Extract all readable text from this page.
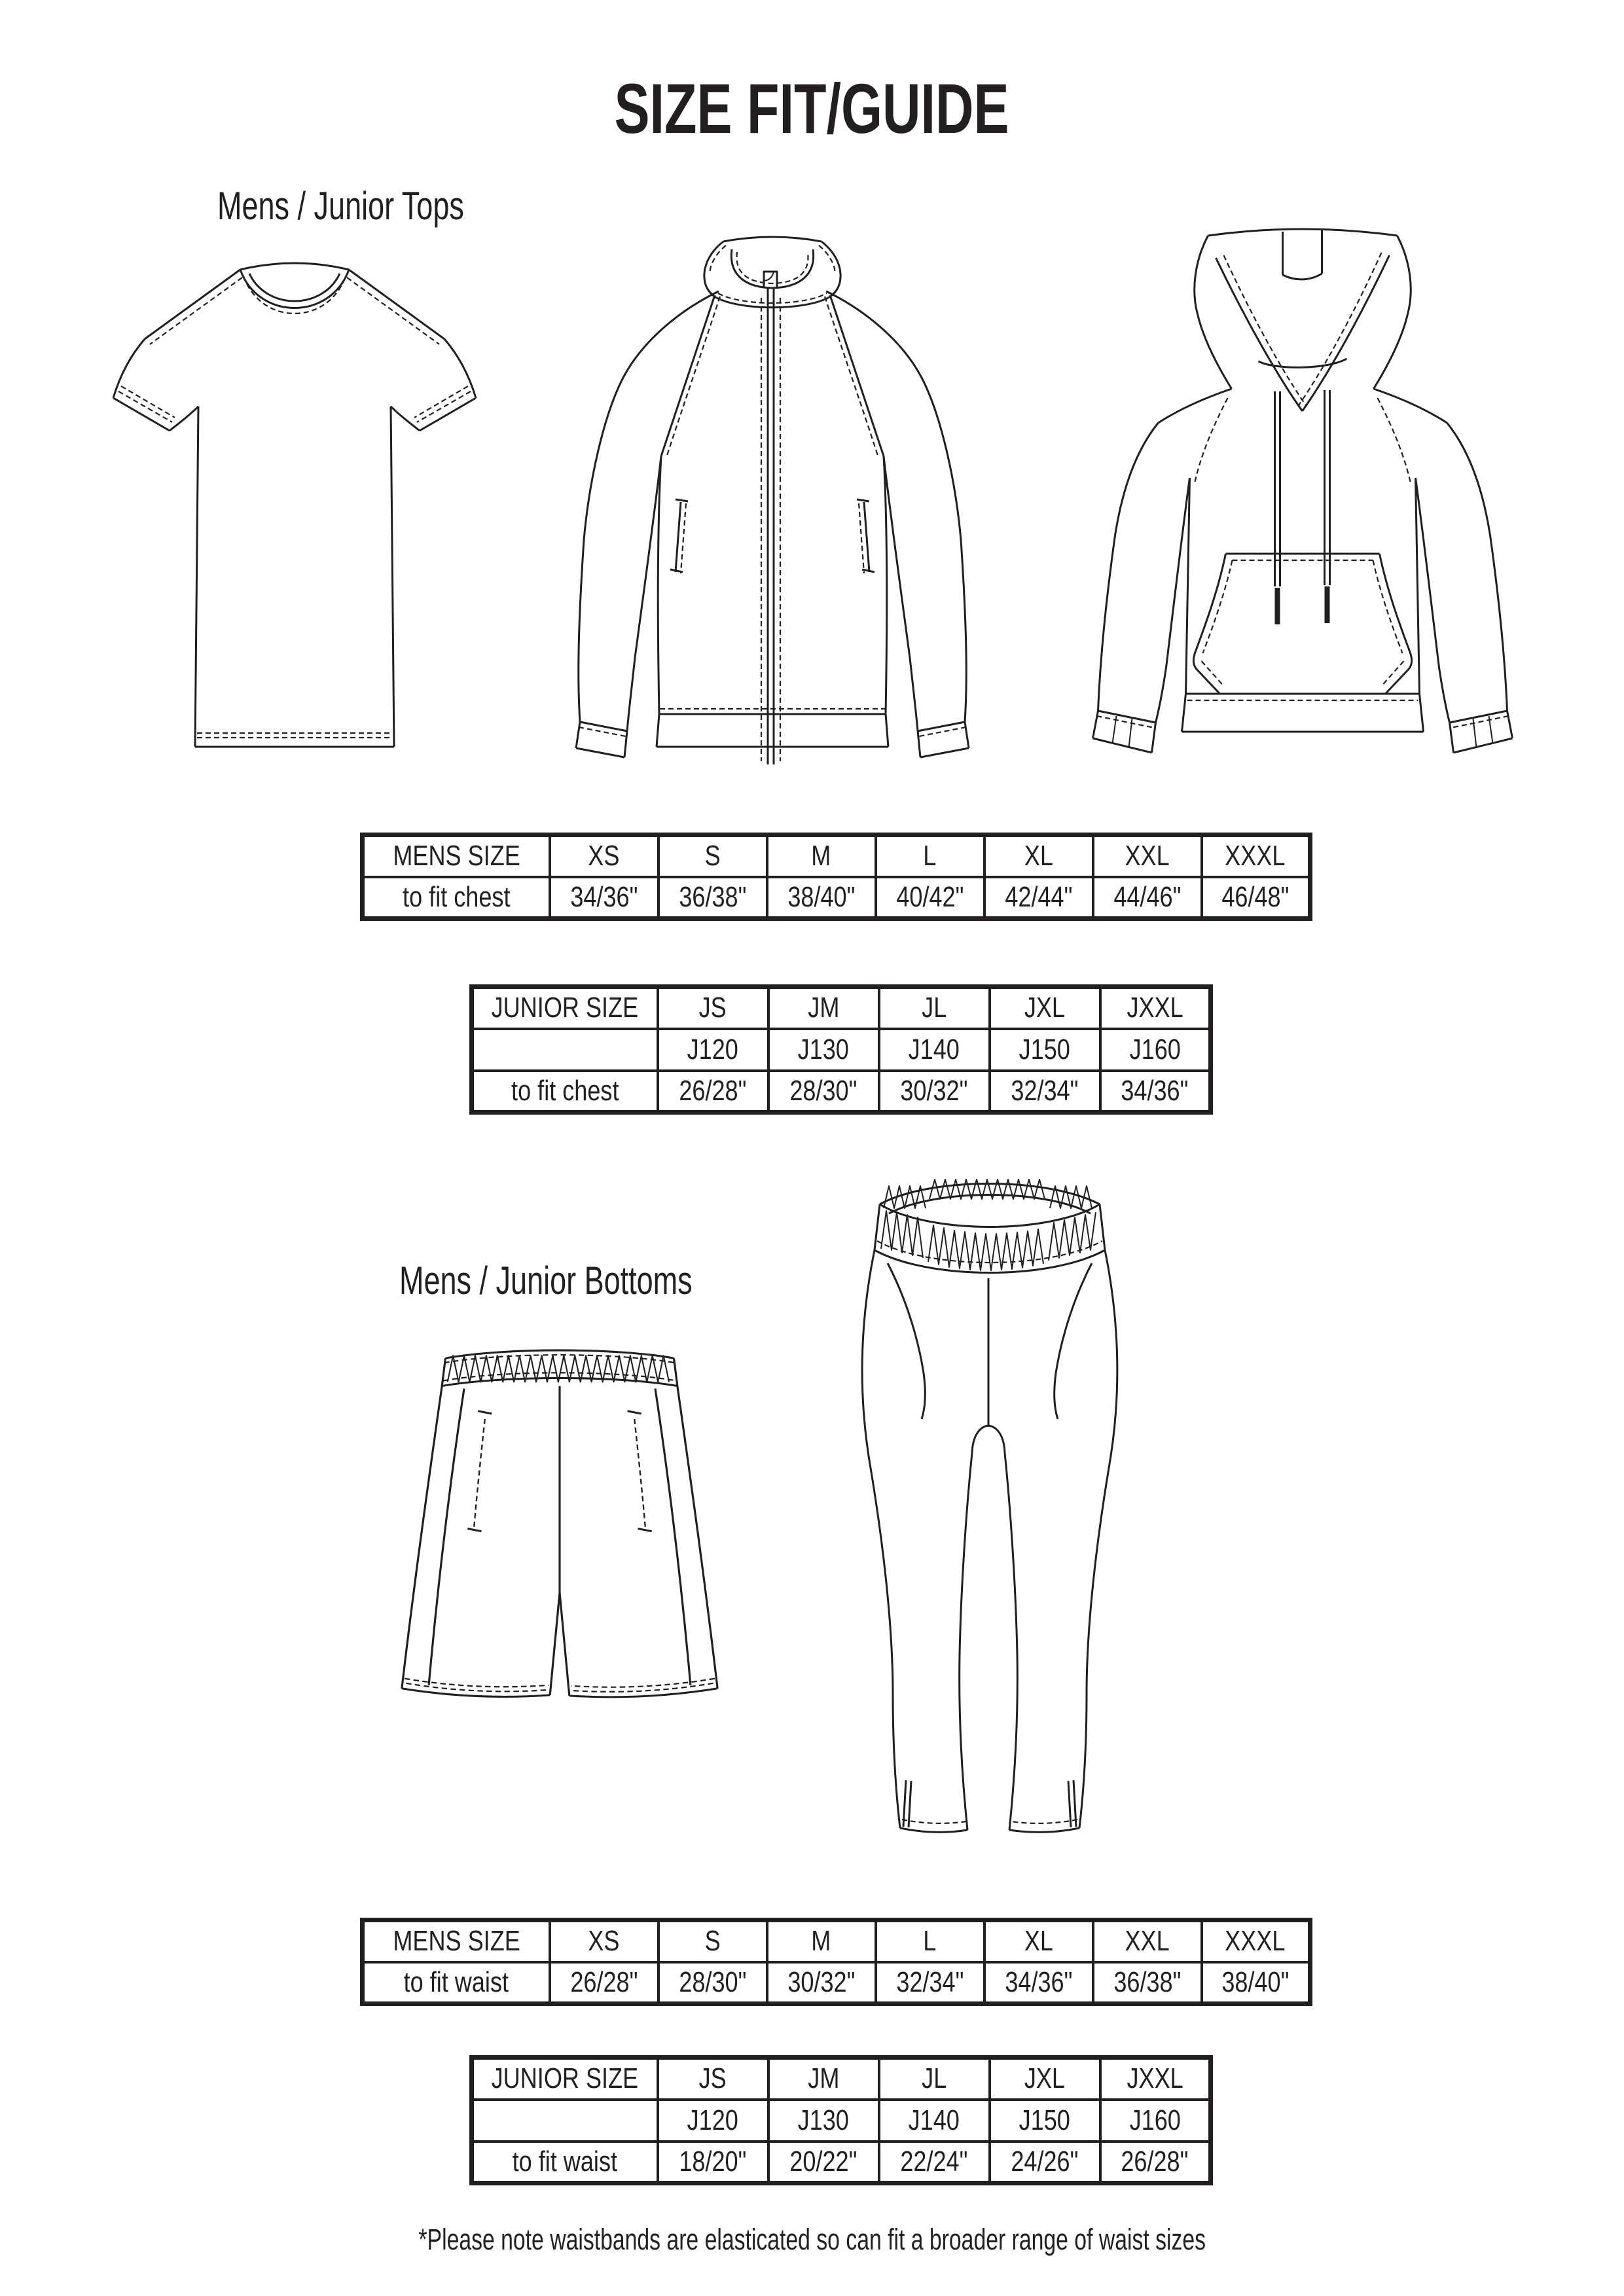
SIZE FIT/GUIDE
Mens / Junior Tops
MENS SIZE	XS	S	M	L	XL	XXL	XXXL
to fit chest	34/36"	36/38"	38/40"	40/42"	42/44"	44/46"	46/48"
JUNIOR SIZE	JS	JM	JL	JXL	JXXL
	J120	J130	J140	J150	J160
to fit chest	26/28"	28/30"	30/32"	32/34"	34/36"
Mens / Junior Bottoms
MENS SIZE	XS	S	M	L	XL	XXL	XXXL
to fit waist	26/28"	28/30"	30/32"	32/34"	34/36"	36/38"	38/40"
JUNIOR SIZE	JS	JM	JL	JXL	JXXL
	J120	J130	J140	J150	J160
to fit waist	18/20"	20/22"	22/24"	24/26"	26/28"
*Please note waistbands are elasticated so can fit a broader range of waist sizes
